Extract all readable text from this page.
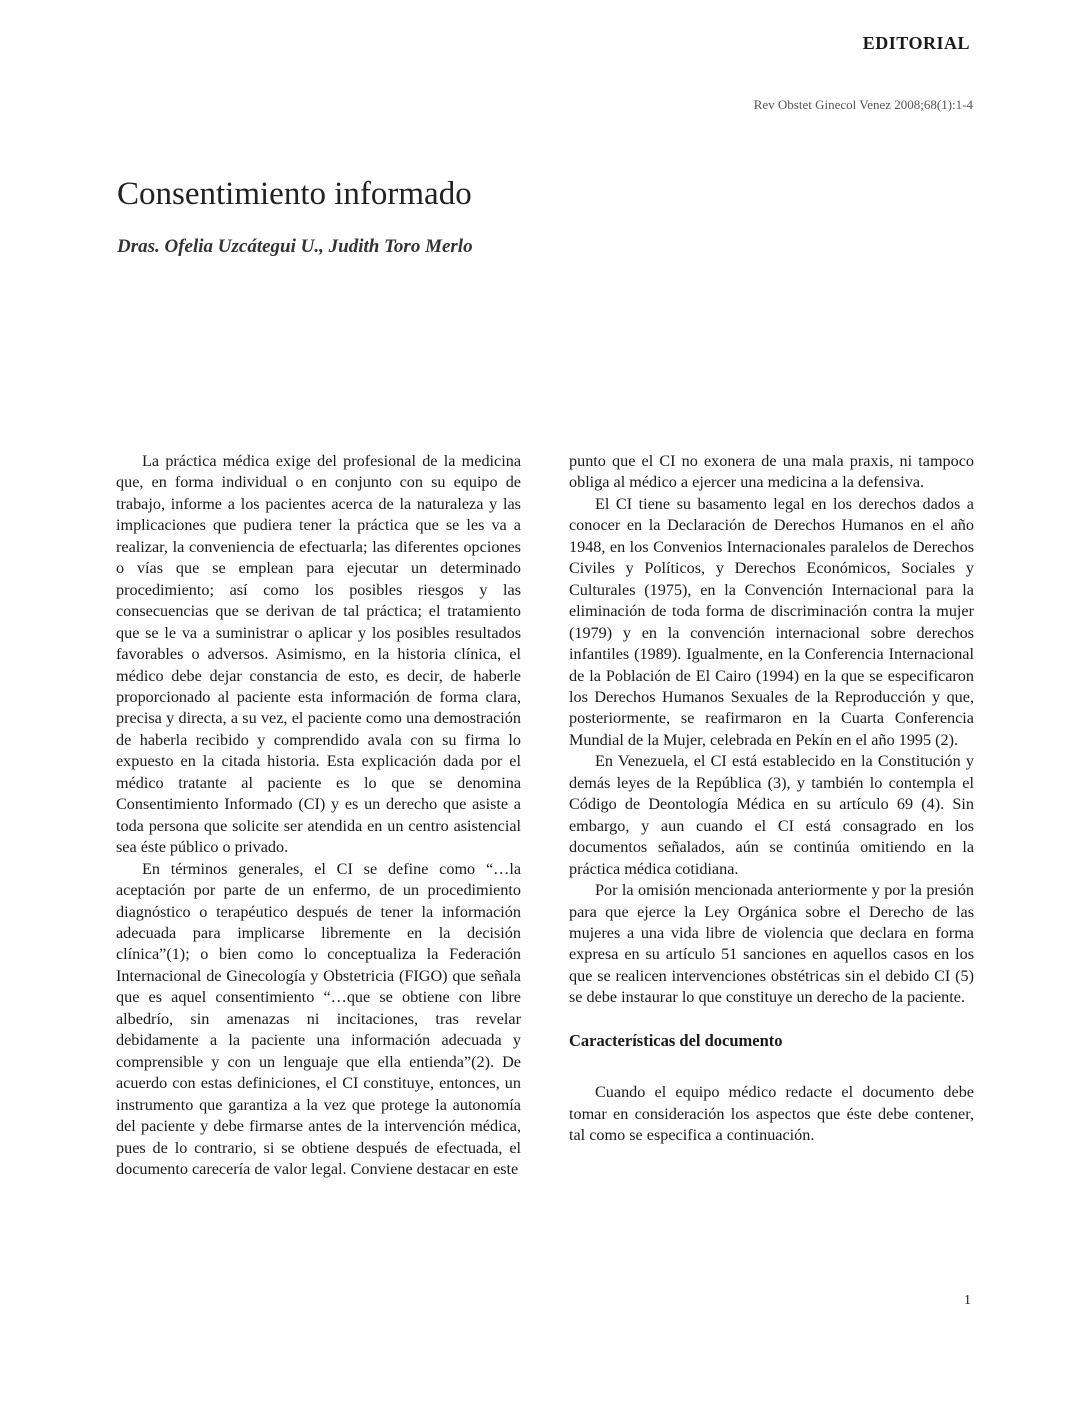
EDITORIAL
Rev Obstet Ginecol Venez 2008;68(1):1-4
Consentimiento informado
Dras. Ofelia Uzcátegui U., Judith Toro Merlo

La práctica médica exige del profesional de la medicina que, en forma individual o en conjunto con su equipo de trabajo, informe a los pacientes acerca de la naturaleza y las implicaciones que pudiera tener la práctica que se les va a realizar, la conveniencia de efectuarla; las diferentes opciones o vías que se emplean para ejecutar un determinado procedimiento; así como los posibles riesgos y las consecuencias que se derivan de tal práctica; el tratamiento que se le va a suministrar o aplicar y los posibles resultados favorables o adversos. Asimismo, en la historia clínica, el médico debe dejar constancia de esto, es decir, de haberle proporcionado al paciente esta información de forma clara, precisa y directa, a su vez, el paciente como una demostración de haberla recibido y comprendido avala con su firma lo expuesto en la citada historia. Esta explicación dada por el médico tratante al paciente es lo que se denomina Consentimiento Informado (CI) y es un derecho que asiste a toda persona que solicite ser atendida en un centro asistencial sea éste público o privado.

En términos generales, el CI se define como “…la aceptación por parte de un enfermo, de un procedimiento diagnóstico o terapéutico después de tener la información adecuada para implicarse libremente en la decisión clínica”(1); o bien como lo conceptualiza la Federación Internacional de Ginecología y Obstetricia (FIGO) que señala que es aquel consentimiento “…que se obtiene con libre albedrío, sin amenazas ni incitaciones, tras revelar debidamente a la paciente una información adecuada y comprensible y con un lenguaje que ella entienda”(2). De acuerdo con estas definiciones, el CI constituye, entonces, un instrumento que garantiza a la vez que protege la autonomía del paciente y debe firmarse antes de la intervención médica, pues de lo contrario, si se obtiene después de efectuada, el documento carecería de valor legal. Conviene destacar en este

punto que el CI no exonera de una mala praxis, ni tampoco obliga al médico a ejercer una medicina a la defensiva.

El CI tiene su basamento legal en los derechos dados a conocer en la Declaración de Derechos Humanos en el año 1948, en los Convenios Internacionales paralelos de Derechos Civiles y Políticos, y Derechos Económicos, Sociales y Culturales (1975), en la Convención Internacional para la eliminación de toda forma de discriminación contra la mujer (1979) y en la convención internacional sobre derechos infantiles (1989). Igualmente, en la Conferencia Internacional de la Población de El Cairo (1994) en la que se especificaron los Derechos Humanos Sexuales de la Reproducción y que, posteriormente, se reafirmaron en la Cuarta Conferencia Mundial de la Mujer, celebrada en Pekín en el año 1995 (2).

En Venezuela, el CI está establecido en la Constitución y demás leyes de la República (3), y también lo contempla el Código de Deontología Médica en su artículo 69 (4). Sin embargo, y aun cuando el CI está consagrado en los documentos señalados, aún se continúa omitiendo en la práctica médica cotidiana.

Por la omisión mencionada anteriormente y por la presión para que ejerce la Ley Orgánica sobre el Derecho de las mujeres a una vida libre de violencia que declara en forma expresa en su artículo 51 sanciones en aquellos casos en los que se realicen intervenciones obstétricas sin el debido CI (5) se debe instaurar lo que constituye un derecho de la paciente.

Características del documento

Cuando el equipo médico redacte el documento debe tomar en consideración los aspectos que éste debe contener, tal como se especifica a continuación.

1
